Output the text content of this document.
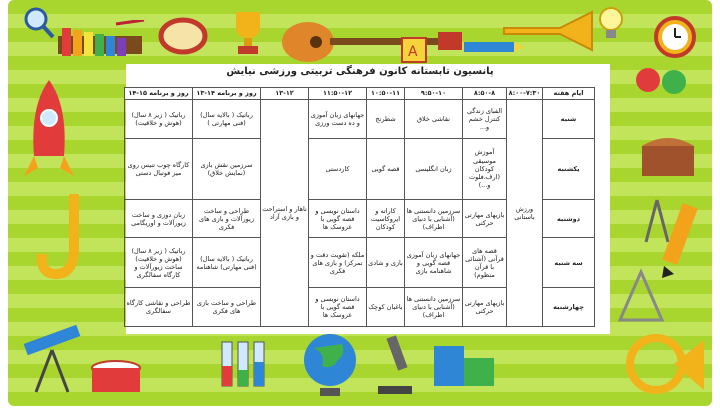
A
پانسیون تابستانه کانون فرهنگی تربیتی ورزشی نیایش
ایام هفته	۸:۰۰-۷:۳۰	۸:۵۰-۸	۹:۵۰-۱۰	۱۰:۵۰-۱۱	۱۱:۵۰-۱۲	۱۳-۱۲	روز و برنامه ۱۴-۱۳	روز و برنامه ۱۵-۱۴
شنبه	ورزش باستانی	الفبای زندگی کنترل خشم و...	نقاشی خلاق	شطرنج	جهانهای زبان آموزی و ده دست ورزی	ناهار و استراحت و بازی آزاد	رباتیک ( بالایه سال) (فنی مهارتی )	رباتیک ( زیر ۸ سال) (هوش و خلاقیت)
یکشنبه		آموزش موسیقی کودکان (ارف،فلوت و...)	زبان انگلیسی	قصه گویی	کاردستی		سرزمین نقش بازی (نمایش خلاق)	کارگاه چوب تنیس روی میز فوتبال دستی
دوشنبه		بازیهای مهارتی حرکتی	سرزمین دانستنی ها (آشنایی با دنیای اطراف)	کاراته و ایروکاسیت کودکان	داستان نویسی و قصه گویی با عروسک ها		طراحی و ساخت زیورآلات و بازی های فکری	زبان دوزی و ساخت زیورآلات و اوریگامی
سه شنبه		قصه های قرآنی (آشنائی با قرآن منظوم)	جهانهای زبان آموزی قصه گویی و شاهنامه بازی	بازی و شادی	ملکه (تقویت دقت و تمرکز) و بازی های فکری		رباتیک ( بالایه سال) (فنی مهارتی) شاهنامه	رباتیک ( زیر ۸ سال) (هوش و خلاقیت) ساخت زیورآلات و کارگاه سفالگری
چهارشنبه		بازیهای مهارتی حرکتی	سرزمین دانستنی ها (آشنایی با دنیای اطراف)	باغبان کوچک	داستان نویسی و قصه گویی با عروسک ها		طراحی و ساخت بازی های فکری	طراحی و نقاشی کارگاه سفالگری
